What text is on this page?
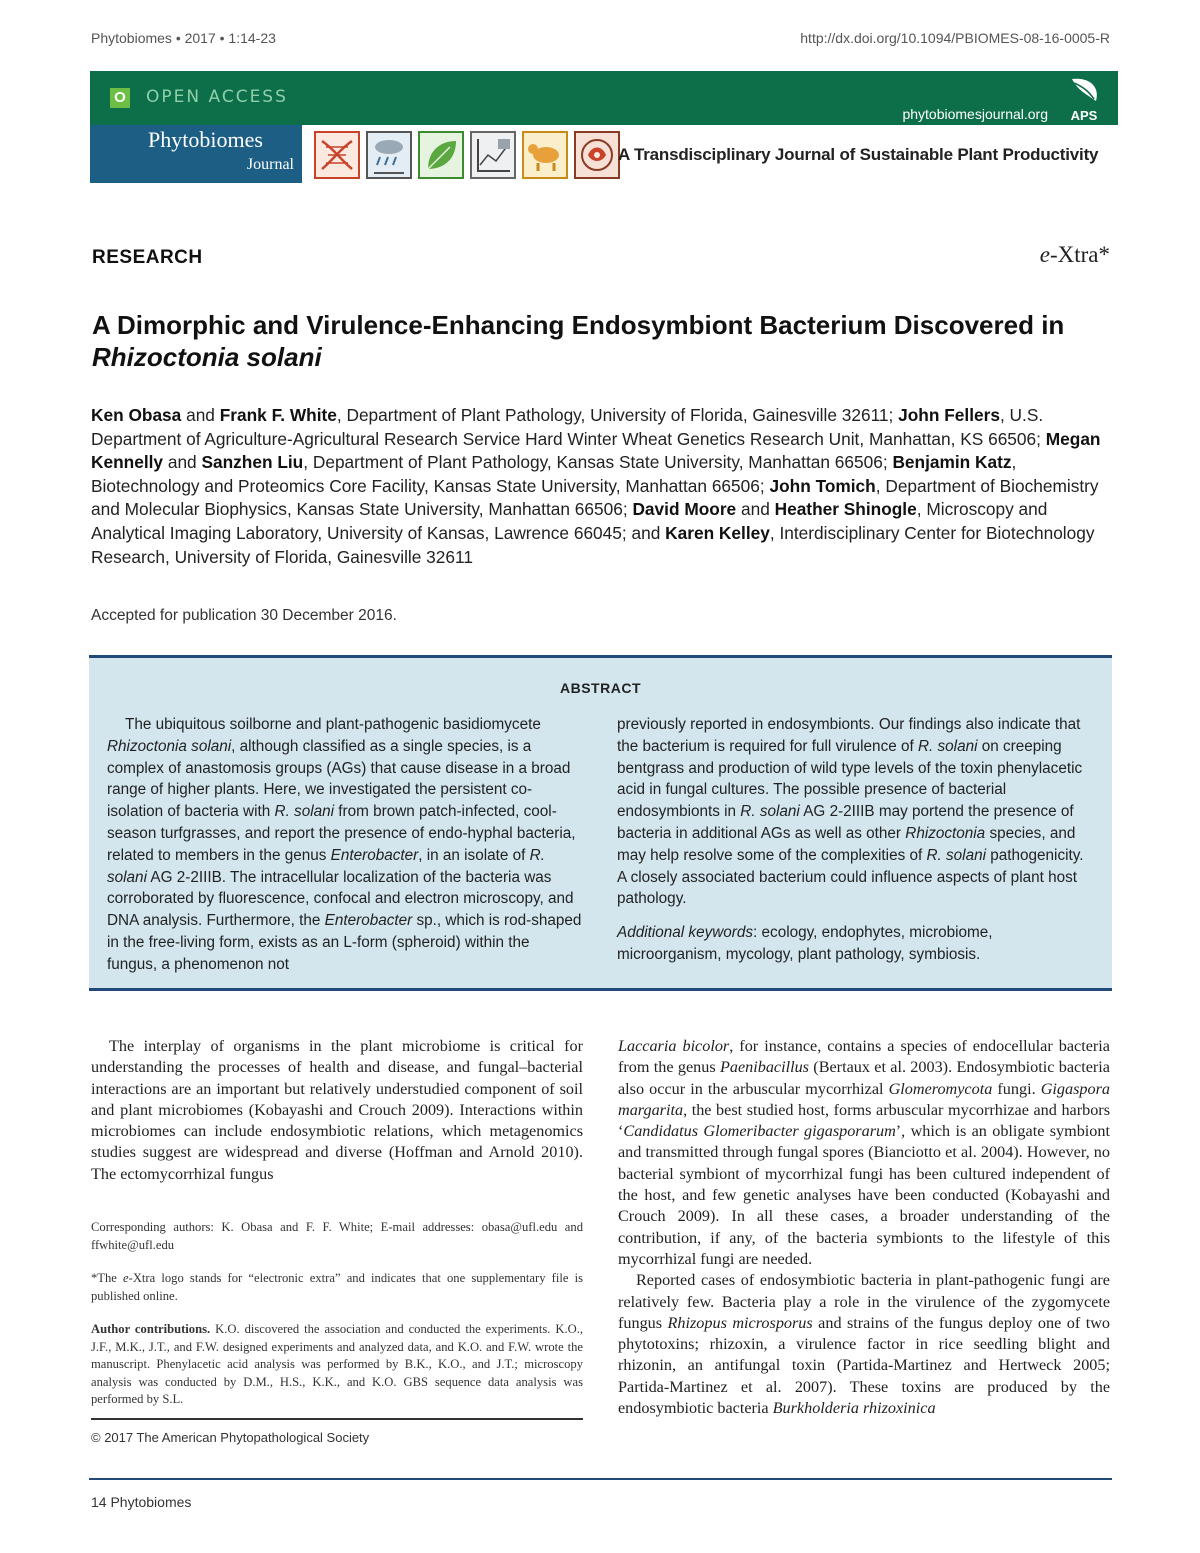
Phytobiomes • 2017 • 1:14-23	http://dx.doi.org/10.1094/PBIOMES-08-16-0005-R
O OPEN ACCESS
phytobiomesjournal.org APS
Phytobiomes
Journal
A Transdisciplinary Journal of Sustainable Plant Productivity
RESEARCH	e-Xtra*
A Dimorphic and Virulence-Enhancing Endosymbiont Bacterium Discovered in Rhizoctonia solani
Ken Obasa and Frank F. White, Department of Plant Pathology, University of Florida, Gainesville 32611; John Fellers, U.S. Department of Agriculture-Agricultural Research Service Hard Winter Wheat Genetics Research Unit, Manhattan, KS 66506; Megan Kennelly and Sanzhen Liu, Department of Plant Pathology, Kansas State University, Manhattan 66506; Benjamin Katz, Biotechnology and Proteomics Core Facility, Kansas State University, Manhattan 66506; John Tomich, Department of Biochemistry and Molecular Biophysics, Kansas State University, Manhattan 66506; David Moore and Heather Shinogle, Microscopy and Analytical Imaging Laboratory, University of Kansas, Lawrence 66045; and Karen Kelley, Interdisciplinary Center for Biotechnology Research, University of Florida, Gainesville 32611
Accepted for publication 30 December 2016.
ABSTRACT

The ubiquitous soilborne and plant-pathogenic basidiomycete Rhizoctonia solani, although classified as a single species, is a complex of anastomosis groups (AGs) that cause disease in a broad range of higher plants. Here, we investigated the persistent co-isolation of bacteria with R. solani from brown patch-infected, cool-season turfgrasses, and report the presence of endo-hyphal bacteria, related to members in the genus Enterobacter, in an isolate of R. solani AG 2-2IIIB. The intracellular localization of the bacteria was corroborated by fluorescence, confocal and electron microscopy, and DNA analysis. Furthermore, the Enterobacter sp., which is rod-shaped in the free-living form, exists as an L-form (spheroid) within the fungus, a phenomenon not

previously reported in endosymbionts. Our findings also indicate that the bacterium is required for full virulence of R. solani on creeping bentgrass and production of wild type levels of the toxin phenylacetic acid in fungal cultures. The possible presence of bacterial endosymbionts in R. solani AG 2-2IIIB may portend the presence of bacteria in additional AGs as well as other Rhizoctonia species, and may help resolve some of the complexities of R. solani pathogenicity. A closely associated bacterium could influence aspects of plant host pathology.

Additional keywords: ecology, endophytes, microbiome, microorganism, mycology, plant pathology, symbiosis.

The interplay of organisms in the plant microbiome is critical for understanding the processes of health and disease, and fungal–bacterial interactions are an important but relatively understudied component of soil and plant microbiomes (Kobayashi and Crouch 2009). Interactions within microbiomes can include endosymbiotic relations, which metagenomics studies suggest are widespread and diverse (Hoffman and Arnold 2010). The ectomycorrhizal fungus

Corresponding authors: K. Obasa and F. F. White; E-mail addresses: obasa@ufl.edu and ffwhite@ufl.edu
*The e-Xtra logo stands for “electronic extra” and indicates that one supplementary file is published online.
Author contributions. K.O. discovered the association and conducted the experiments. K.O., J.F., M.K., J.T., and F.W. designed experiments and analyzed data, and K.O. and F.W. wrote the manuscript. Phenylacetic acid analysis was performed by B.K., K.O., and J.T.; microscopy analysis was conducted by D.M., H.S., K.K., and K.O. GBS sequence data analysis was performed by S.L.
© 2017 The American Phytopathological Society

Laccaria bicolor, for instance, contains a species of endocellular bacteria from the genus Paenibacillus (Bertaux et al. 2003). Endosymbiotic bacteria also occur in the arbuscular mycorrhizal Glomeromycota fungi. Gigaspora margarita, the best studied host, forms arbuscular mycorrhizae and harbors ‘Candidatus Glomeribacter gigasporarum’, which is an obligate symbiont and transmitted through fungal spores (Bianciotto et al. 2004). However, no bacterial symbiont of mycorrhizal fungi has been cultured independent of the host, and few genetic analyses have been conducted (Kobayashi and Crouch 2009). In all these cases, a broader understanding of the contribution, if any, of the bacteria symbionts to the lifestyle of this mycorrhizal fungi are needed.

Reported cases of endosymbiotic bacteria in plant-pathogenic fungi are relatively few. Bacteria play a role in the virulence of the zygomycete fungus Rhizopus microsporus and strains of the fungus deploy one of two phytotoxins; rhizoxin, a virulence factor in rice seedling blight and rhizonin, an antifungal toxin (Partida-Martinez and Hertweck 2005; Partida-Martinez et al. 2007). These toxins are produced by the endosymbiotic bacteria Burkholderia rhizoxinica

14 Phytobiomes
